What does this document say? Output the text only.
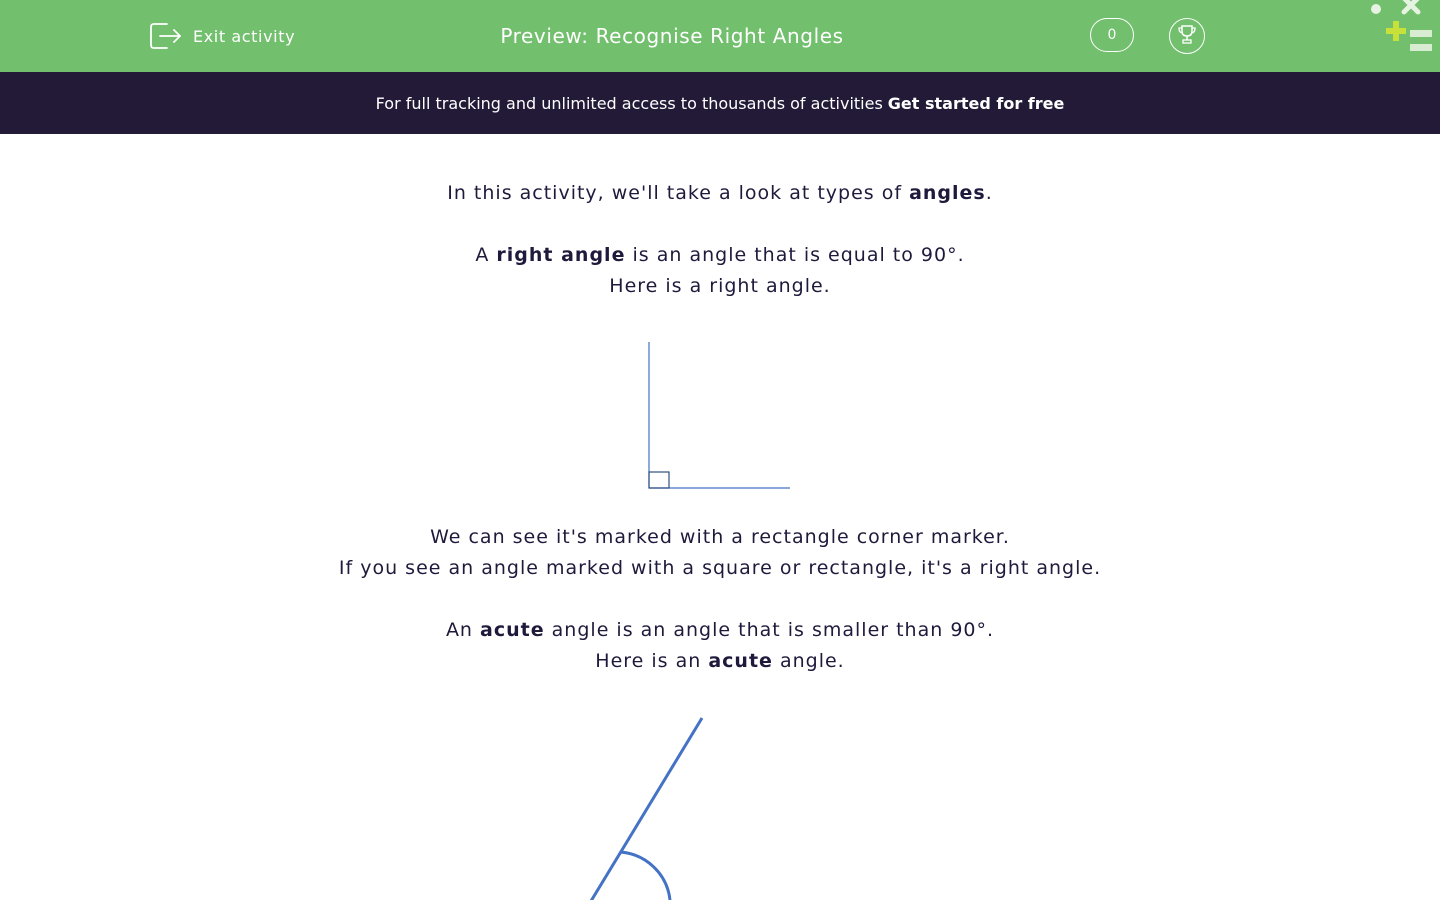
Exit activity	Preview: Recognise Right Angles	0
For full tracking and unlimited access to thousands of activities Get started for free
In this activity, we'll take a look at types of angles.
A right angle is an angle that is equal to 90°.
Here is a right angle.
We can see it's marked with a rectangle corner marker.
If you see an angle marked with a square or rectangle, it's a right angle.
An acute angle is an angle that is smaller than 90°.
Here is an acute angle.
